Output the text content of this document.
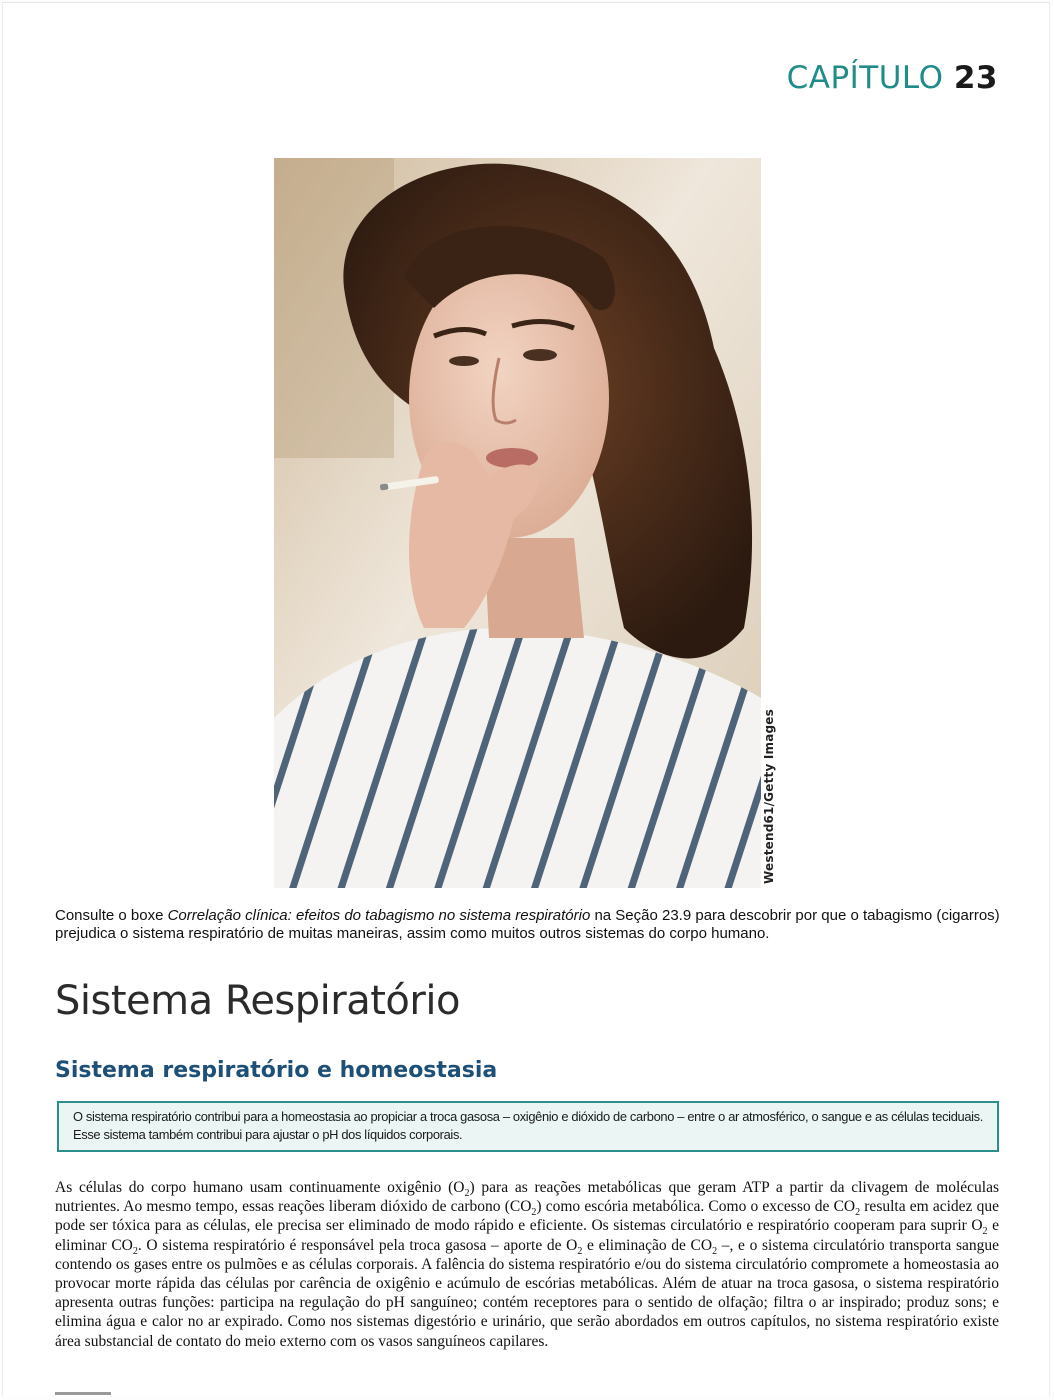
CAPÍTULO 23
Westend61/Getty Images
Consulte o boxe Correlação clínica: efeitos do tabagismo no sistema respiratório na Seção 23.9 para descobrir por que o tabagismo (cigarros) prejudica o sistema respiratório de muitas maneiras, assim como muitos outros sistemas do corpo humano.
Sistema Respiratório
Sistema respiratório e homeostasia
O sistema respiratório contribui para a homeostasia ao propiciar a troca gasosa – oxigênio e dióxido de carbono – entre o ar atmosférico, o sangue e as células teciduais.
Esse sistema também contribui para ajustar o pH dos líquidos corporais.

As células do corpo humano usam continuamente oxigênio $(O_2)$ para as reações metabólicas que geram ATP a partir da clivagem de moléculas nutrientes. Ao mesmo tempo, essas reações liberam dióxido de carbono $(CO_2)$ como escória metabólica. Como o excesso de $CO_2$ resulta em acidez que pode ser tóxica para as células, ele precisa ser eliminado de modo rápido e eficiente. Os sistemas circulatório e respiratório cooperam para suprir $O_2$ e eliminar $CO_2$. O sistema respiratório é responsável pela troca gasosa – aporte de $O_2$ e eliminação de $CO_2$ –, e o sistema circulatório transporta sangue contendo os gases entre os pulmões e as células corporais. A falência do sistema respiratório e/ou do sistema circulatório compromete a homeostasia ao provocar morte rápida das células por carência de oxigênio e acúmulo de escórias metabólicas. Além de atuar na troca gasosa, o sistema respiratório apresenta outras funções: participa na regulação do pH sanguíneo; contém receptores para o sentido de olfação; filtra o ar inspirado; produz sons; e elimina água e calor no ar expirado. Como nos sistemas digestório e urinário, que serão abordados em outros capítulos, no sistema respiratório existe área substancial de contato do meio externo com os vasos sanguíneos capilares.
